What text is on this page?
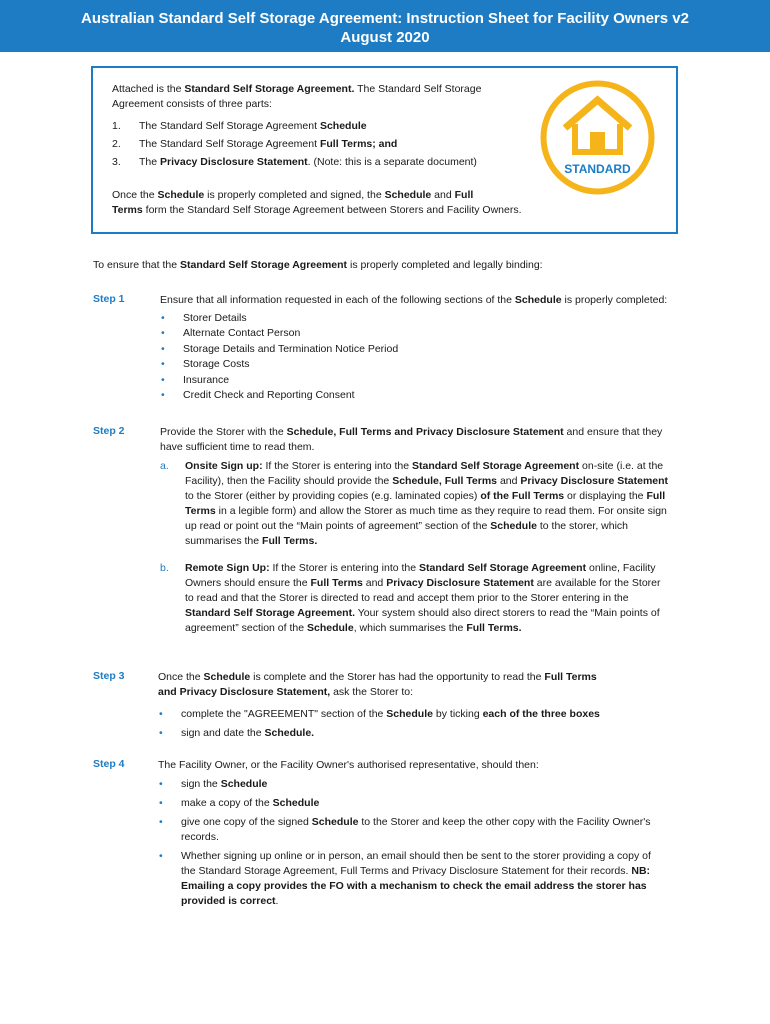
Australian Standard Self Storage Agreement: Instruction Sheet for Facility Owners v2
August 2020

Attached is the Standard Self Storage Agreement. The Standard Self Storage Agreement consists of three parts:

1.	The Standard Self Storage Agreement Schedule
2.	The Standard Self Storage Agreement Full Terms; and
3.	The Privacy Disclosure Statement. (Note: this is a separate document)
Once the Schedule is properly completed and signed, the Schedule and Full
Terms form the Standard Self Storage Agreement between Storers and Facility Owners.
STANDARD
To ensure that the Standard Self Storage Agreement is properly completed and legally binding:
Step 1	Ensure that all information requested in each of the following sections of the Schedule is properly completed:

• Storer Details
• Alternate Contact Person
• Storage Details and Termination Notice Period
• Storage Costs
• Insurance
• Credit Check and Reporting Consent
Step 2	Provide the Storer with the Schedule, Full Terms and Privacy Disclosure Statement and ensure that they have sufficient time to read them.

a.	Onsite Sign up: If the Storer is entering into the Standard Self Storage Agreement on-site (i.e. at the Facility), then the Facility should provide the Schedule, Full Terms and Privacy Disclosure Statement to the Storer (either by providing copies (e.g. laminated copies) of the Full Terms or displaying the Full Terms in a legible form) and allow the Storer as much time as they require to read them. For onsite sign up read or point out the “Main points of agreement” section of the Schedule to the storer, which summarises the Full Terms.
b.	Remote Sign Up: If the Storer is entering into the Standard Self Storage Agreement online, Facility Owners should ensure the Full Terms and Privacy Disclosure Statement are available for the Storer to read and that the Storer is directed to read and accept them prior to the Storer entering in the Standard Self Storage Agreement. Your system should also direct storers to read the “Main points of agreement” section of the Schedule, which summarises the Full Terms.
Step 3	Once the Schedule is complete and the Storer has had the opportunity to read the Full Terms
and Privacy Disclosure Statement, ask the Storer to:

• complete the "AGREEMENT" section of the Schedule by ticking each of the three boxes
• sign and date the Schedule.
Step 4	The Facility Owner, or the Facility Owner's authorised representative, should then:

• sign the Schedule
• make a copy of the Schedule
• give one copy of the signed Schedule to the Storer and keep the other copy with the Facility Owner's records.
• Whether signing up online or in person, an email should then be sent to the storer providing a copy of the Standard Storage Agreement, Full Terms and Privacy Disclosure Statement for their records. NB: Emailing a copy provides the FO with a mechanism to check the email address the storer has provided is correct.
